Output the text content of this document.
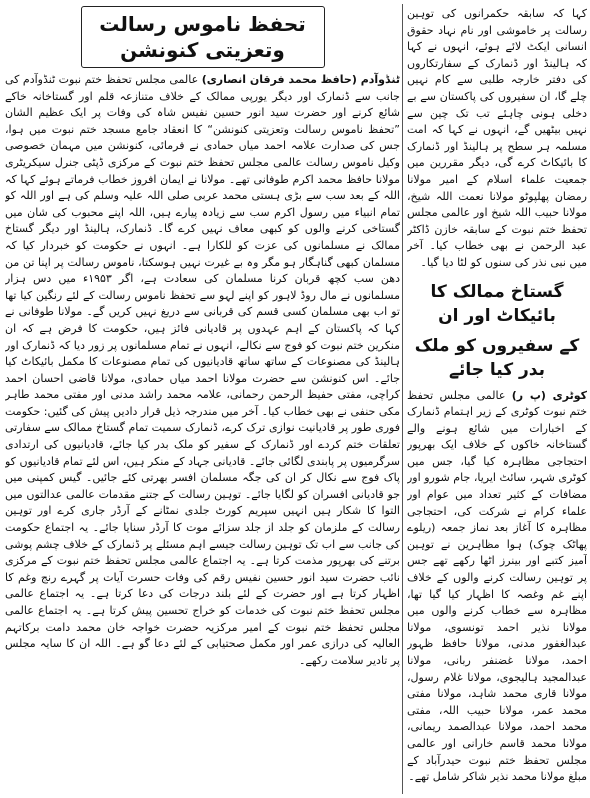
تحفظ ناموس رسالت وتعزیتی کنونشن

ٹنڈوآدم (حافظ محمد فرقان انصاری) عالمی مجلس تحفظ ختم نبوت ٹنڈوآدم کی جانب سے ڈنمارک اور دیگر یورپی ممالک کے خلاف متنازعہ قلم اور گستاخانہ خاکے شائع کرنے اور حضرت سید انور حسین نفیس شاہ کی وفات پر ایک عظیم الشان ”تحفظ ناموس رسالت وتعزیتی کنونشن“ کا انعقاد جامع مسجد ختم نبوت میں ہوا، جس کی صدارت علامہ احمد میاں حمادی نے فرمائی، کنونشن میں مہمان خصوصی وکیل ناموس رسالت عالمی مجلس تحفظ ختم نبوت کے مرکزی ڈپٹی جنرل سیکریٹری مولانا حافظ محمد اکرم طوفانی تھے۔ مولانا نے ایمان افروز خطاب فرماتے ہوئے کہا کہ اللہ کے بعد سب سے بڑی ہستی محمد عربی صلی اللہ علیہ وسلم کی ہے اور اللہ کو تمام انبیاء میں رسول اکرم سب سے زیادہ پیارے ہیں، اللہ اپنے محبوب کی شان میں گستاخی کرنے والوں کو کبھی معاف نہیں کرے گا۔ ڈنمارک، ہالینڈ اور دیگر گستاخ ممالک نے مسلمانوں کی عزت کو للکارا ہے۔ انہوں نے حکومت کو خبردار کیا کہ مسلمان کبھی گناہگار ہو مگر وہ بے غیرت نہیں ہوسکتا، ناموس رسالت پر اپنا تن من دھن سب کچھ قربان کرنا مسلمان کی سعادت ہے، اگر ۱۹۵۳ء میں دس ہزار مسلمانوں نے مال روڈ لاہور کو اپنے لہو سے تحفظ ناموس رسالت کے لئے رنگین کیا تھا تو اب بھی مسلمان کسی قسم کی قربانی سے دریغ نہیں کریں گے۔ مولانا طوفانی نے کہا کہ پاکستان کے اہم عہدوں پر قادیانی فائز ہیں، حکومت کا فرض ہے کہ ان منکرین ختم نبوت کو فوج سے نکالے، انہوں نے تمام مسلمانوں پر زور دیا کہ ڈنمارک اور ہالینڈ کی مصنوعات کے ساتھ ساتھ قادیانیوں کی تمام مصنوعات کا مکمل بائیکاٹ کیا جائے۔ اس کنونشن سے حضرت مولانا احمد میاں حمادی، مولانا قاضی احسان احمد کراچی، مفتی حفیظ الرحمن رحمانی، علامہ محمد راشد مدنی اور مفتی محمد طاہر مکی حنفی نے بھی خطاب کیا۔ آخر میں مندرجہ ذیل قرار دادیں پیش کی گئیں: حکومت فوری طور پر قادیانیت نوازی ترک کرے، ڈنمارک سمیت تمام گستاخ ممالک سے سفارتی تعلقات ختم کردے اور ڈنمارک کے سفیر کو ملک بدر کیا جائے، قادیانیوں کی ارتدادی سرگرمیوں پر پابندی لگائی جائے۔ قادیانی جہاد کے منکر ہیں، اس لئے تمام قادیانیوں کو پاک فوج سے نکال کر ان کی جگہ مسلمان افسر بھرتی کئے جائیں۔ گیس کمپنی میں جو قادیانی افسران کو لگایا جائے۔ توہین رسالت کے جتنے مقدمات عالمی عدالتوں میں التوا کا شکار ہیں انہیں سپریم کورٹ جلدی نمٹانے کے آرڈر جاری کرے اور توہین رسالت کے ملزمان کو جلد از جلد سزائے موت کا آرڈر سنایا جائے۔ یہ اجتماع حکومت کی جانب سے اب تک توہین رسالت جیسے اہم مسئلے پر ڈنمارک کے خلاف چشم پوشی برتنے کی بھرپور مذمت کرتا ہے۔ یہ اجتماع عالمی مجلس تحفظ ختم نبوت کے مرکزی نائب حضرت سید انور حسین نفیس رقم کی وفات حسرت آیات پر گہرے رنج وغم کا اظہار کرتا ہے اور حضرت کے لئے بلند درجات کی دعا کرتا ہے۔ یہ اجتماع عالمی مجلس تحفظ ختم نبوت کی خدمات کو خراج تحسین پیش کرتا ہے۔ یہ اجتماع عالمی مجلس تحفظ ختم نبوت کے امیر مرکزیہ حضرت خواجہ خان محمد دامت برکاتہم العالیہ کی درازی عمر اور مکمل صحتیابی کے لئے دعا گو ہے۔ اللہ ان کا سایہ مجلس پر تادیر سلامت رکھے۔

کہا کہ سابقہ حکمرانوں کی توہین رسالت پر خاموشی اور نام نہاد حقوق انسانی ایکٹ لائے ہوئے، انہوں نے کہا کہ ہالینڈ اور ڈنمارک کے سفارتکاروں کی دفتر خارجہ طلبی سے کام نہیں چلے گا، ان سفیروں کی پاکستان سے بے دخلی ہونی چاہئے تب تک چین سے نہیں بیٹھیں گے، انہوں نے کہا کہ امت مسلمہ ہر سطح پر ہالینڈ اور ڈنمارک کا بائیکاٹ کرے گی، دیگر مقررین میں جمعیت علماء اسلام کے امیر مولانا رمضان پھلپوٹو مولانا نعمت اللہ شیخ، مولانا حبیب اللہ شیخ اور عالمی مجلس تحفظ ختم نبوت کے سابقہ خازن ڈاکٹر عبد الرحمن نے بھی خطاب کیا۔ آخر میں نبی نذر کی سنوں کو لٹا دیا گیا۔

گستاخ ممالک کا بائیکاٹ اور ان
کے سفیروں کو ملک بدر کیا جائے

کوٹری (پ ر) عالمی مجلس تحفظ ختم نبوت کوٹری کے زیر اہتمام ڈنمارک کے اخبارات میں شائع ہونے والے گستاخانہ خاکوں کے خلاف ایک بھرپور احتجاجی مظاہرہ کیا گیا، جس میں کوٹری شہر، سائٹ ایریا، جام شورو اور مضافات کے کثیر تعداد میں عوام اور علماء کرام نے شرکت کی، احتجاجی مظاہرہ کا آغاز بعد نماز جمعہ (ریلوے پھاٹک چوک) ہوا مظاہرین نے توہین آمیز کتبے اور بینرز اٹھا رکھے تھے جس پر توہین رسالت کرنے والوں کے خلاف اپنے غم وغصہ کا اظہار کیا گیا تھا، مظاہرہ سے خطاب کرنے والوں میں مولانا نذیر احمد تونسوی، مولانا عبدالغفور مدنی، مولانا حافظ ظہور احمد، مولانا غضنفر ربانی، مولانا عبدالمجید ہالیجوی، مولانا غلام رسول، مولانا قاری محمد شاہد، مولانا مفتی محمد عمر، مولانا حبیب اللہ، مفتی محمد احمد، مولانا عبدالصمد ریمانی، مولانا محمد قاسم خارانی اور عالمی مجلس تحفظ ختم نبوت حیدرآباد کے مبلغ مولانا محمد نذیر شاکر شامل تھے۔
